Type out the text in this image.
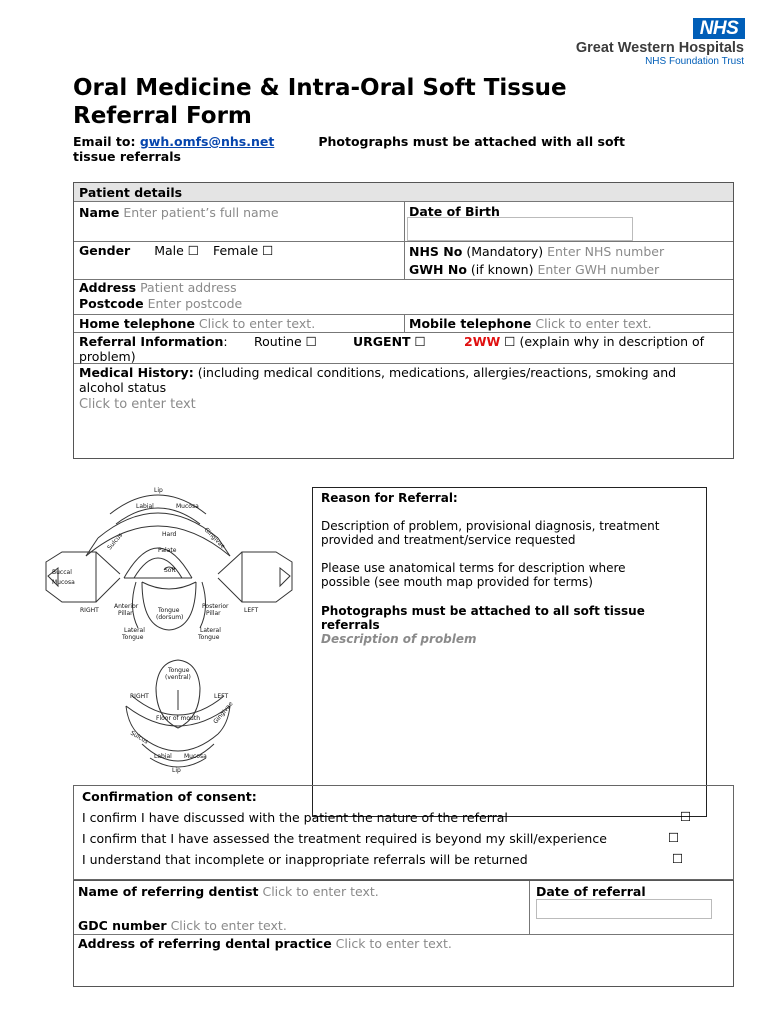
NHS
Great Western Hospitals
NHS Foundation Trust
Oral Medicine & Intra-Oral Soft Tissue
Referral Form
Email to: gwh.omfs@nhs.net	Photographs must be attached with all soft
tissue referrals
Patient details
Name Enter patient’s full name	Date of Birth
Gender Male ☐ Female ☐	NHS No (Mandatory) Enter NHS number
GWH No (if known) Enter GWH number
Address Patient address
Postcode Enter postcode
Home telephone Click to enter text.	Mobile telephone Click to enter text.
Referral Information: Routine ☐	URGENT ☐	2WW ☐ (explain why in description of
problem)
Medical History: (including medical conditions, medications, allergies/reactions, smoking and
alcohol status
Click to enter text
Lip
Labial	Mucosa
Sulcus	Hard
Palate
Soft
Gingivae
Buccal
Mucosa
Anterior
Pillar	Tongue
(dorsum)
Posterior
Pillar
RIGHT	LEFT
Lateral
Tongue
Lateral
Tongue
Tongue
(ventral)
RIGHT	LEFT
Floor of mouth Gingivae
Sulcus
Labial Mucosa
Lip
Reason for Referral:
Description of problem, provisional diagnosis, treatment
provided and treatment/service requested
Please use anatomical terms for description where
possible (see mouth map provided for terms)
Photographs must be attached to all soft tissue
referrals
Description of problem
Confirmation of consent:
I confirm I have discussed with the patient the nature of the referral	☐
I confirm that I have assessed the treatment required is beyond my skill/experience	☐
I understand that incomplete or inappropriate referrals will be returned	☐
Name of referring dentist Click to enter text.	Date of referral
GDC number Click to enter text.
Address of referring dental practice Click to enter text.
